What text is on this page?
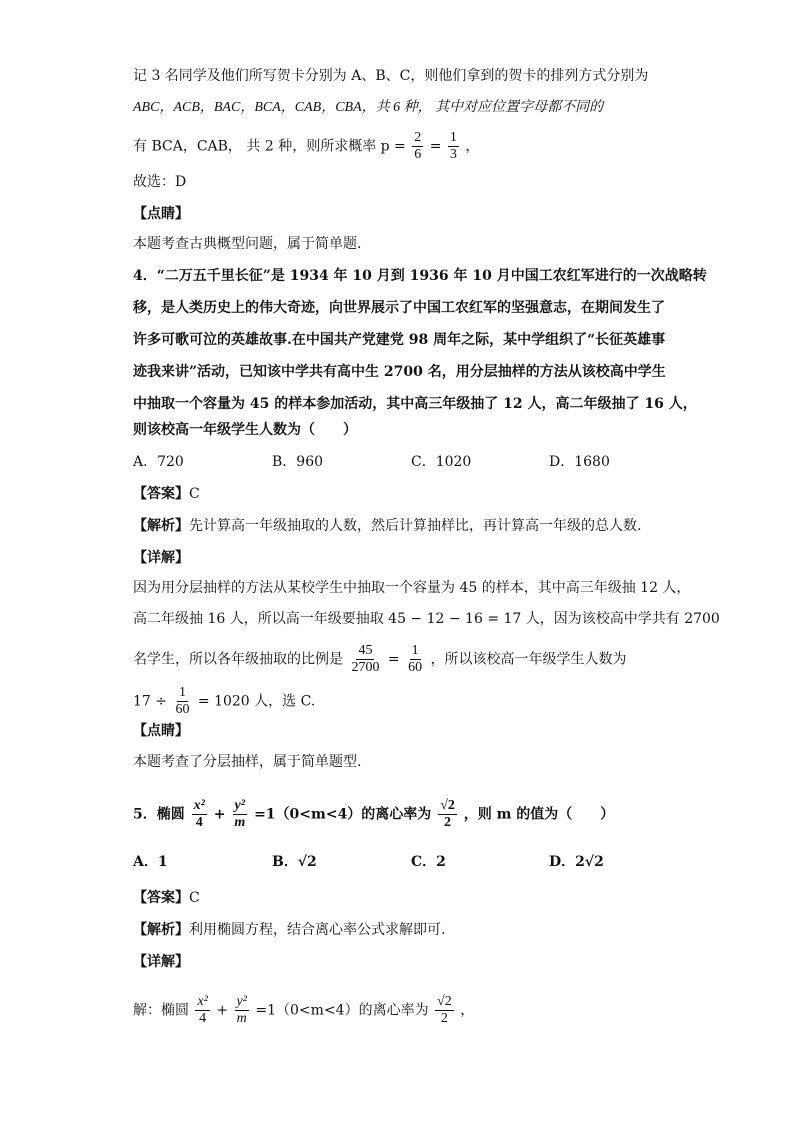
记 3 名同学及他们所写贺卡分别为 A、B、C，则他们拿到的贺卡的排列方式分别为
ABC，ACB，BAC，BCA，CAB，CBA，共 6 种， 其中对应位置字母都不同的
有 BCA，CAB， 共 2 种，则所求概率 $p = \frac{2}{6} = \frac{1}{3}$ ，
故选：D
【点睛】
本题考查古典概型问题，属于简单题.
4．“二万五千里长征”是 1934 年 10 月到 1936 年 10 月中国工农红军进行的一次战略转
移，是人类历史上的伟大奇迹，向世界展示了中国工农红军的坚强意志，在期间发生了
许多可歌可泣的英雄故事.在中国共产党建党 98 周年之际，某中学组织了“长征英雄事
迹我来讲”活动，已知该中学共有高中生 2700 名，用分层抽样的方法从该校高中学生
中抽取一个容量为 45 的样本参加活动，其中高三年级抽了 12 人，高二年级抽了 16 人，
则该校高一年级学生人数为（　　）
A．720	B．960	C．1020	D．1680
【答案】C
【解析】先计算高一年级抽取的人数，然后计算抽样比，再计算高一年级的总人数.
【详解】
因为用分层抽样的方法从某校学生中抽取一个容量为 45 的样本，其中高三年级抽 12 人，
高二年级抽 16 人，所以高一年级要抽取 45 − 12 − 16 = 17 人，因为该校高中学共有 2700
名学生，所以各年级抽取的比例是 $\frac{45}{2700} = \frac{1}{60}$ ，所以该校高一年级学生人数为
$17 \div \frac{1}{60} = 1020$ 人，选 C.
【点睛】
本题考查了分层抽样，属于简单题型.
5．椭圆 $\frac{\text{x²}}{4} + \frac{\text{y²}}{m} =1(0<m<4)$的离心率为 $\frac{√2}{2}$ ，则 m 的值为（　　）
A．1	B．√2	C．2	D．2√2
【答案】C
【解析】利用椭圆方程，结合离心率公式求解即可.
【详解】
解：椭圆 $\frac{\text{x²}}{4} + \frac{\text{y²}}{m} =1(0<m<4)$的离心率为 $\frac{√2}{2}$ ，
